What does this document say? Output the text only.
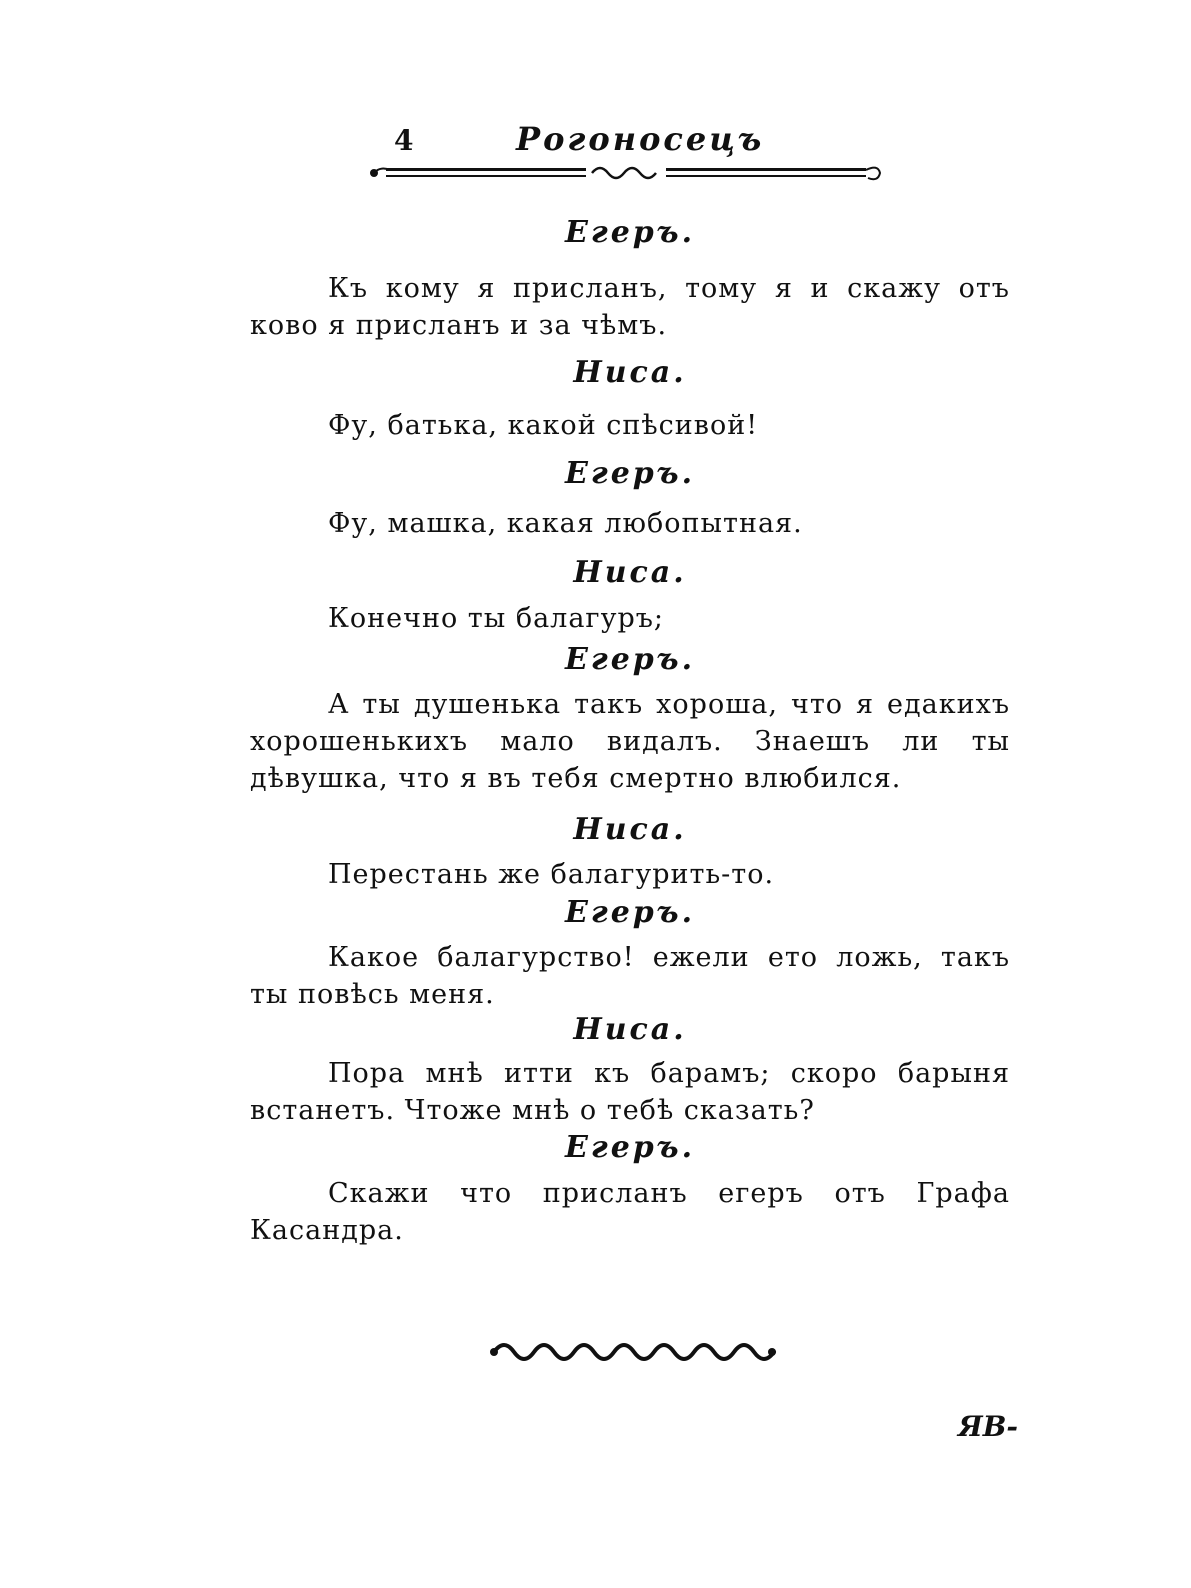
4	Рогоносецъ
Егеръ.

Къ кому я присланъ, тому я и скажу отъ ково я присланъ и за чѣмъ.

Ниса.

Фу, батька, какой спѣсивой!

Егеръ.

Фу, машка, какая любопытная.

Ниса.

Конечно ты балагуръ;

Егеръ.

А ты душенька такъ хороша, что я едакихъ хорошенькихъ мало видалъ. Знаешъ ли ты дѣвушка, что я въ тебя смертно влюбился.

Ниса.

Перестань же балагурить-то.

Егеръ.

Какое балагурство! ежели ето ложь, такъ ты повѣсь меня.

Ниса.

Пора мнѣ итти къ барамъ; скоро барыня встанетъ. Чтоже мнѣ о тебѣ сказать?

Егеръ.

Скажи что присланъ егеръ отъ Графа Касандра.

ЯВ-
